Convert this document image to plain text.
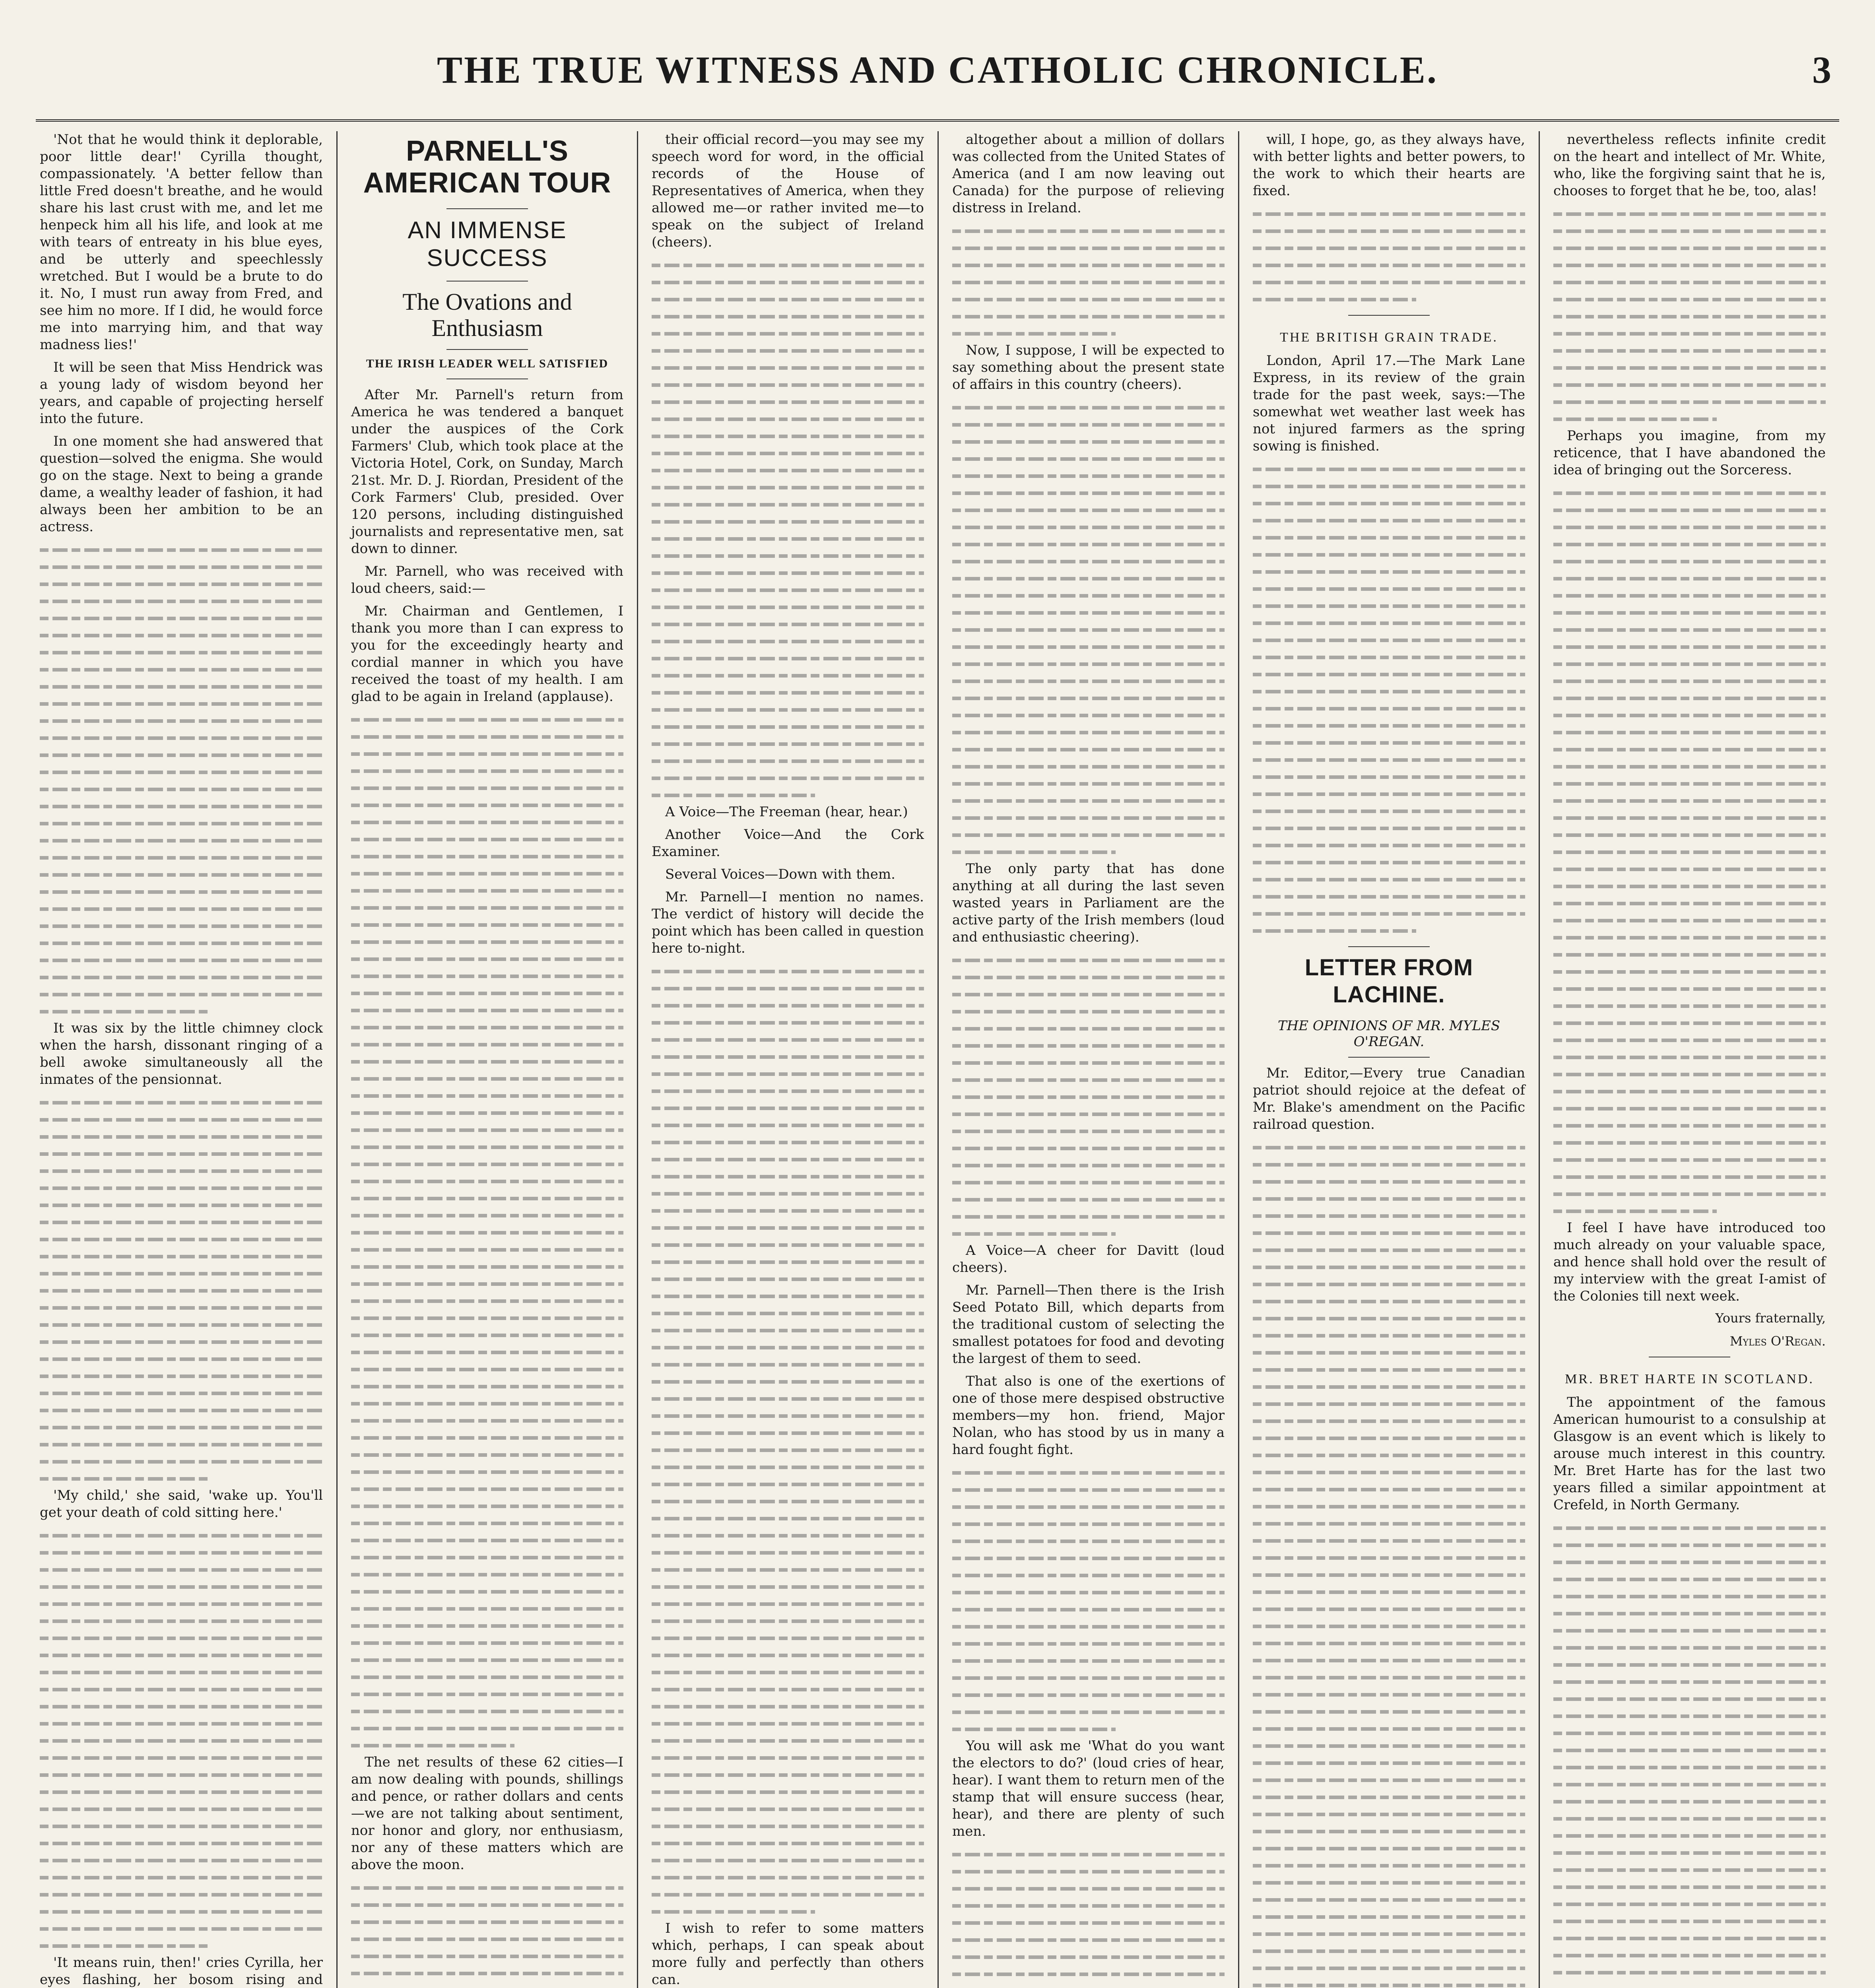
THE TRUE WITNESS AND CATHOLIC CHRONICLE.	3

'Not that he would think it deplorable, poor little dear!' Cyrilla thought, compassionately. 'A better fellow than little Fred doesn't breathe, and he would share his last crust with me, and let me henpeck him all his life, and look at me with tears of entreaty in his blue eyes, and be utterly and speechlessly wretched. But I would be a brute to do it. No, I must run away from Fred, and see him no more. If I did, he would force me into marrying him, and that way madness lies!'

It will be seen that Miss Hendrick was a young lady of wisdom beyond her years, and capable of projecting herself into the future.

In one moment she had answered that question—solved the enigma. She would go on the stage. Next to being a grande dame, a wealthy leader of fashion, it had always been her ambition to be an actress.

It was six by the little chimney clock when the harsh, dissonant ringing of a bell awoke simultaneously all the inmates of the pensionnat.

'My child,' she said, 'wake up. You'll get your death of cold sitting here.'

'It means ruin, then!' cries Cyrilla, her eyes flashing, her bosom rising and

PARNELL'S AMERICAN TOUR
AN IMMENSE SUCCESS
The Ovations and Enthusiasm
THE IRISH LEADER WELL SATISFIED

After Mr. Parnell's return from America he was tendered a banquet under the auspices of the Cork Farmers' Club, which took place at the Victoria Hotel, Cork, on Sunday, March 21st. Mr. D. J. Riordan, President of the Cork Farmers' Club, presided. Over 120 persons, including distinguished journalists and representative men, sat down to dinner.

Mr. Parnell, who was received with loud cheers, said:—

Mr. Chairman and Gentlemen, I thank you more than I can express to you for the exceedingly hearty and cordial manner in which you have received the toast of my health. I am glad to be again in Ireland (applause).

The net results of these 62 cities—I am now dealing with pounds, shillings and pence, or rather dollars and cents—we are not talking about sentiment, nor honor and glory, nor enthusiasm, nor any of these matters which are above the moon.

their official record—you may see my speech word for word, in the official records of the House of Representatives of America, when they allowed me—or rather invited me—to speak on the subject of Ireland (cheers).

A Voice—The Freeman (hear, hear.)

Another Voice—And the Cork Examiner.

Several Voices—Down with them.

Mr. Parnell—I mention no names. The verdict of history will decide the point which has been called in question here to-night.

I wish to refer to some matters which, perhaps, I can speak about more fully and perfectly than others can.

altogether about a million of dollars was collected from the United States of America (and I am now leaving out Canada) for the purpose of relieving distress in Ireland.

Now, I suppose, I will be expected to say something about the present state of affairs in this country (cheers).

The only party that has done anything at all during the last seven wasted years in Parliament are the active party of the Irish members (loud and enthusiastic cheering).

A Voice—A cheer for Davitt (loud cheers).

Mr. Parnell—Then there is the Irish Seed Potato Bill, which departs from the traditional custom of selecting the smallest potatoes for food and devoting the largest of them to seed.

That also is one of the exertions of one of those mere despised obstructive members—my hon. friend, Major Nolan, who has stood by us in many a hard fought fight.

You will ask me 'What do you want the electors to do?' (loud cries of hear, hear). I want them to return men of the stamp that will ensure success (hear, hear), and there are plenty of such men.

will, I hope, go, as they always have, with better lights and better powers, to the work to which their hearts are fixed.

THE BRITISH GRAIN TRADE.

London, April 17.—The Mark Lane Express, in its review of the grain trade for the past week, says:—The somewhat wet weather last week has not injured farmers as the spring sowing is finished.

LETTER FROM LACHINE.
THE OPINIONS OF MR. MYLES O'REGAN.

Mr. Editor,—Every true Canadian patriot should rejoice at the defeat of Mr. Blake's amendment on the Pacific railroad question.

nevertheless reflects infinite credit on the heart and intellect of Mr. White, who, like the forgiving saint that he is, chooses to forget that he be, too, alas!

Perhaps you imagine, from my reticence, that I have abandoned the idea of bringing out the Sorceress.

I feel I have have introduced too much already on your valuable space, and hence shall hold over the result of my interview with the great I-amist of the Colonies till next week.

Yours fraternally,
Myles O'Regan.
MR. BRET HARTE IN SCOTLAND.

The appointment of the famous American humourist to a consulship at Glasgow is an event which is likely to arouse much interest in this country. Mr. Bret Harte has for the last two years filled a similar appointment at Crefeld, in North Germany.
